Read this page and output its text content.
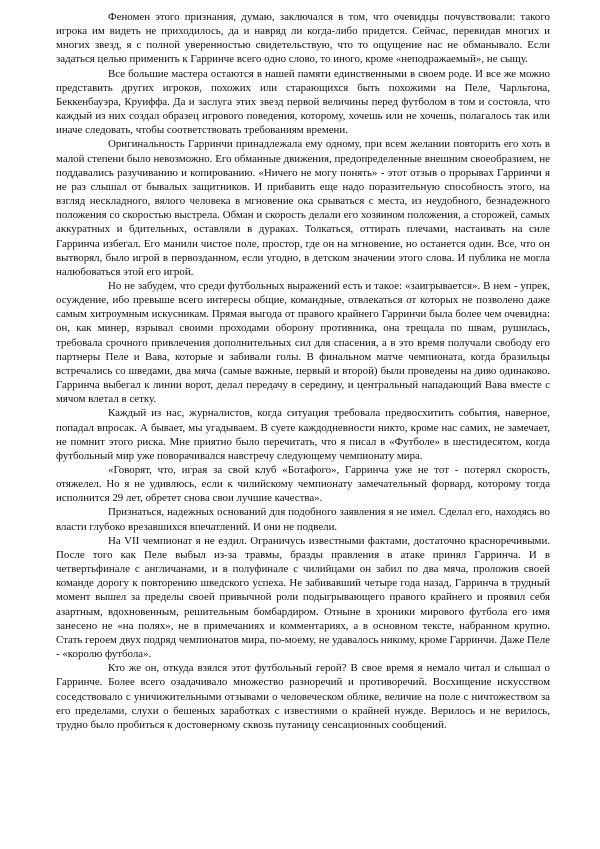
Феномен этого признания, думаю, заключался в том, что очевидцы почувствовали: такого игрока им видеть не приходилось, да и навряд ли когда-либо придется. Сейчас, перевидав многих и многих звезд, я с полной уверенностью свидетельствую, что то ощущение нас не обманывало. Если задаться целью применить к Гарринче всего одно слово, то иного, кроме «неподражаемый», не сыщу.

Все большие мастера остаются в нашей памяти единственными в своем роде. И все же можно представить других игроков, похожих или старающихся быть похожими на Пеле, Чарльтона, Беккенбауэра, Круиффа. Да и заслуга этих звезд первой величины перед футболом в том и состояла, что каждый из них создал образец игрового поведения, которому, хочешь или не хочешь, полагалось так или иначе следовать, чтобы соответствовать требованиям времени.

Оригинальность Гарринчи принадлежала ему одному, при всем желании повторить его хоть в малой степени было невозможно. Его обманные движения, предопределенные внешним своеобразием, не поддавались разучиванию и копированию. «Ничего не могу понять» - этот отзыв о прорывах Гарринчи я не раз слышал от бывалых защитников. И прибавить еще надо поразительную способность этого, на взгляд нескладного, вялого человека в мгновение ока срываться с места, из неудобного, безнадежного положения со скоростью выстрела. Обман и скорость делали его хозяином положения, а сторожей, самых аккуратных и бдительных, оставляли в дураках. Толкаться, оттирать плечами, настаивать на силе Гарринча избегал. Его манили чистое поле, простор, где он на мгновение, но останется один. Все, что он вытворял, было игрой в первозданном, если угодно, в детском значении этого слова. И публика не могла налюбоваться этой его игрой.

Но не забудем, что среди футбольных выражений есть и такое: «заигрывается». В нем - упрек, осуждение, ибо превыше всего интересы общие, командные, отвлекаться от которых не позволено даже самым хитроумным искусникам. Прямая выгода от правого крайнего Гарринчи была более чем очевидна: он, как минер, взрывал своими проходами оборону противника, она трещала по швам, рушилась, требовала срочного привлечения дополнительных сил для спасения, а в это время получали свободу его партнеры Пеле и Вава, которые и забивали голы. В финальном матче чемпионата, когда бразильцы встречались со шведами, два мяча (самые важные, первый и второй) были проведены на диво одинаково. Гарринча выбегал к линии ворот, делал передачу в середину, и центральный нападающий Вава вместе с мячом влетал в сетку.

Каждый из нас, журналистов, когда ситуация требовала предвосхитить события, наверное, попадал впросак. А бывает, мы угадываем. В суете каждодневности никто, кроме нас самих, не замечает, не помнит этого риска. Мне приятно было перечитать, что я писал в «Футболе» в шестидесятом, когда футбольный мир уже поворачивался навстречу следующему чемпионату мира.

«Говорят, что, играя за свой клуб «Ботафого», Гарринча уже не тот - потерял скорость, отяжелел. Но я не удивлюсь, если к чилийскому чемпионату замечательный форвард, которому тогда исполнится 29 лет, обретет снова свои лучшие качества».

Признаться, надежных оснований для подобного заявления я не имел. Сделал его, находясь во власти глубоко врезавшихся впечатлений. И они не подвели.

На VII чемпионат я не ездил. Ограничусь известными фактами, достаточно красноречивыми. После того как Пеле выбыл из-за травмы, бразды правления в атаке принял Гарринча. И в четвертьфинале с англичанами, и в полуфинале с чилийцами он забил по два мяча, проложив своей команде дорогу к повторению шведского успеха. Не забивавший четыре года назад, Гарринча в трудный момент вышел за пределы своей привычной роли подыгрывающего правого крайнего и проявил себя азартным, вдохновенным, решительным бомбардиром. Отныне в хроники мирового футбола его имя занесено не «на полях», не в примечаниях и комментариях, а в основном тексте, набранном крупно. Стать героем двух подряд чемпионатов мира, по-моему, не удавалось никому, кроме Гарринчи. Даже Пеле - «королю футбола».

Кто же он, откуда взялся этот футбольный герой? В свое время я немало читал и слышал о Гарринче. Более всего озадачивало множество разноречий и противоречий. Восхищение искусством соседствовало с уничижительными отзывами о человеческом облике, величие на поле с ничтожеством за его пределами, слухи о бешеных заработках с известиями о крайней нужде. Верилось и не верилось, трудно было пробиться к достоверному сквозь путаницу сенсационных сообщений.
